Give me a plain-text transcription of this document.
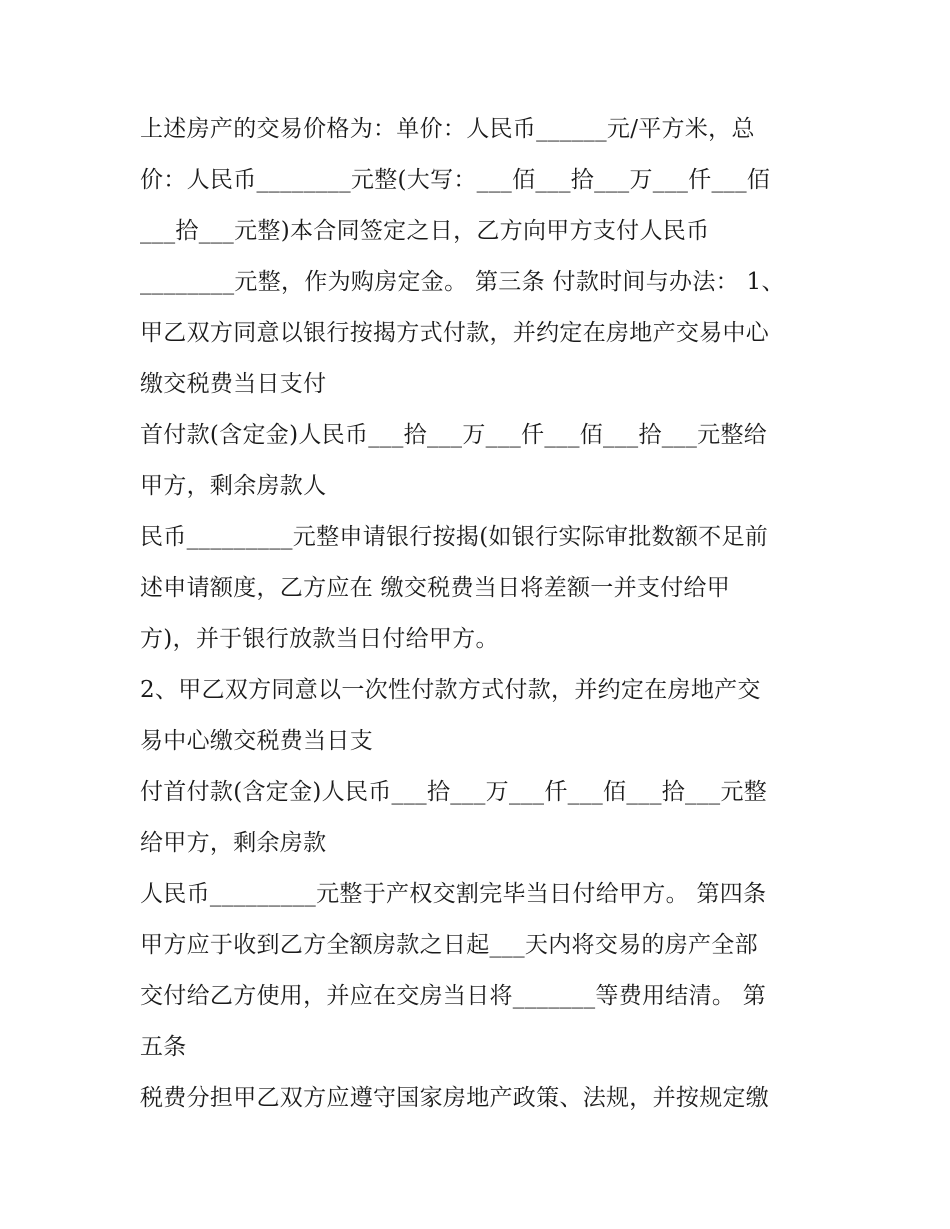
上述房产的交易价格为：单价：人民币______元/平方米，总
价：人民币________元整(大写：___佰___拾___万___仟___佰
___拾___元整)本合同签定之日，乙方向甲方支付人民币
________元整，作为购房定金。 第三条 付款时间与办法： 1、
甲乙双方同意以银行按揭方式付款，并约定在房地产交易中心
缴交税费当日支付
首付款(含定金)人民币___拾___万___仟___佰___拾___元整给
甲方，剩余房款人
民币_________元整申请银行按揭(如银行实际审批数额不足前
述申请额度，乙方应在 缴交税费当日将差额一并支付给甲
方)，并于银行放款当日付给甲方。
2、甲乙双方同意以一次性付款方式付款，并约定在房地产交
易中心缴交税费当日支
付首付款(含定金)人民币___拾___万___仟___佰___拾___元整
给甲方，剩余房款
人民币_________元整于产权交割完毕当日付给甲方。 第四条
甲方应于收到乙方全额房款之日起___天内将交易的房产全部
交付给乙方使用，并应在交房当日将_______等费用结清。 第
五条
税费分担甲乙双方应遵守国家房地产政策、法规，并按规定缴
